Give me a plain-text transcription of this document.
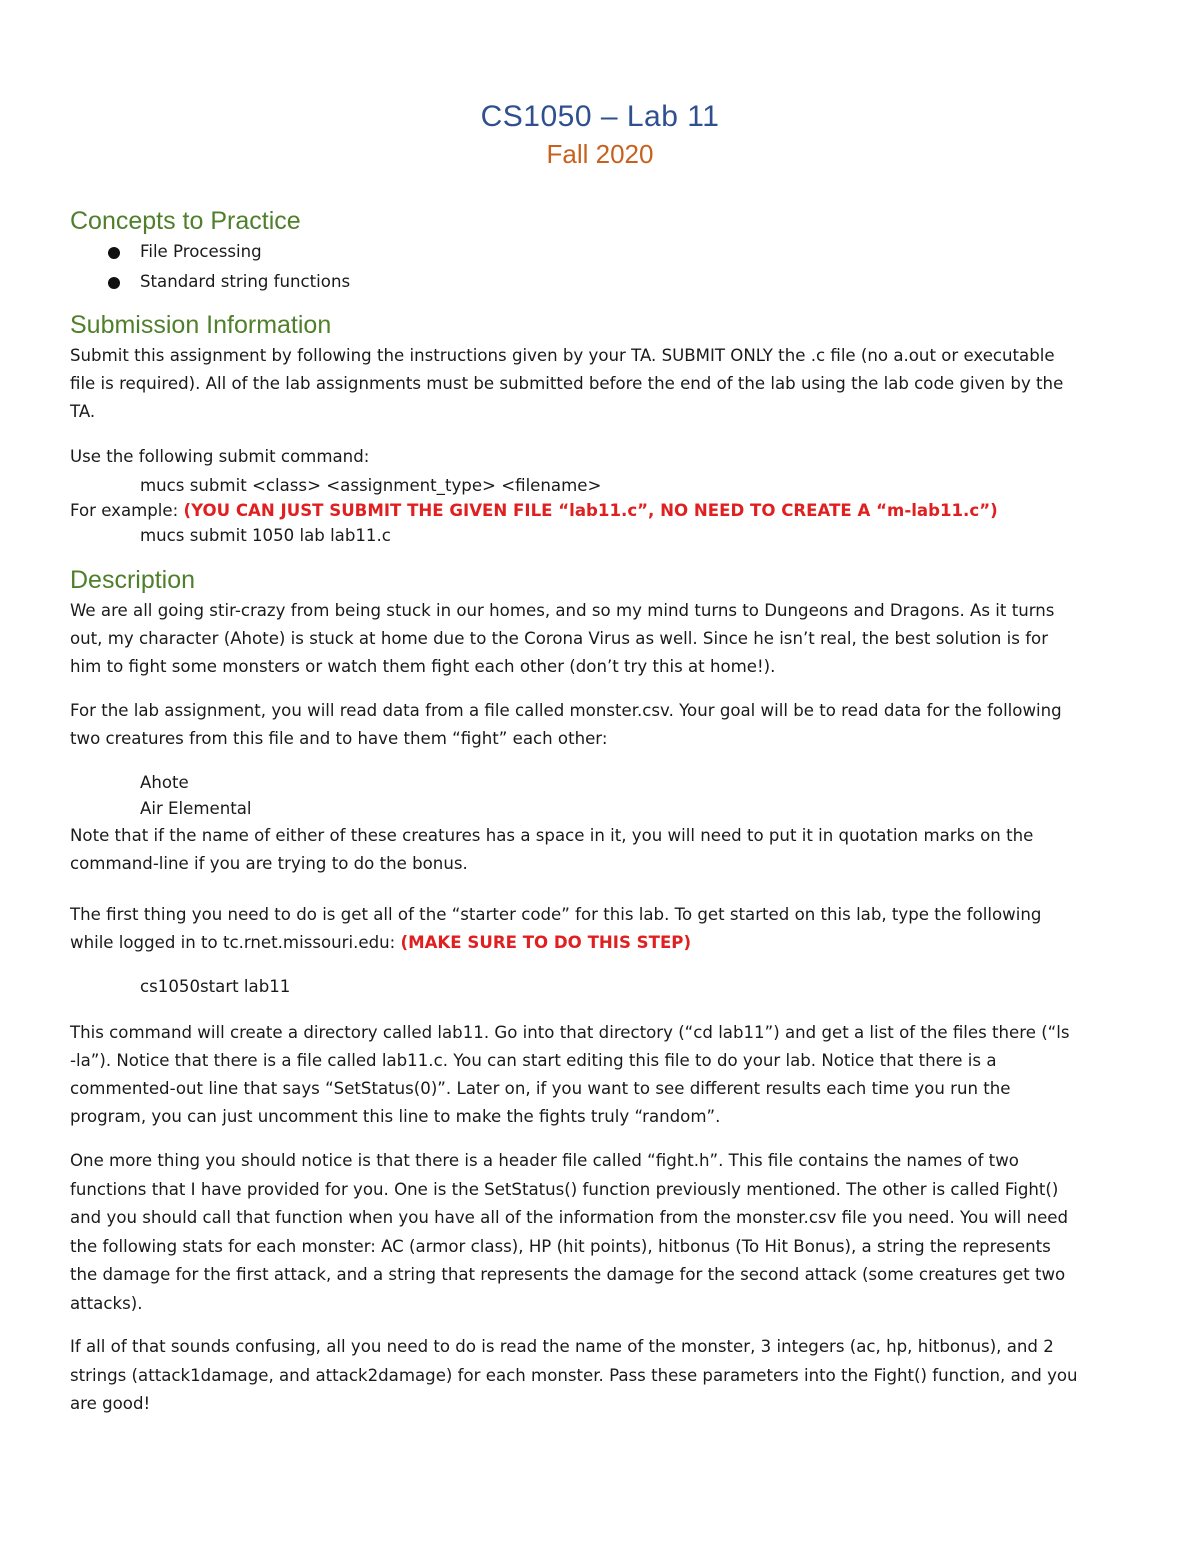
CS1050 – Lab 11
Fall 2020
Concepts to Practice

File Processing

Standard string functions

Submission Information

Submit this assignment by following the instructions given by your TA. SUBMIT ONLY the .c file (no a.out or executable

file is required). All of the lab assignments must be submitted before the end of the lab using the lab code given by the

TA.

Use the following submit command:

mucs submit <class> <assignment_type> <filename>

For example: (YOU CAN JUST SUBMIT THE GIVEN FILE “lab11.c”, NO NEED TO CREATE A “m-lab11.c”)

mucs submit 1050 lab lab11.c

Description

We are all going stir-crazy from being stuck in our homes, and so my mind turns to Dungeons and Dragons. As it turns

out, my character (Ahote) is stuck at home due to the Corona Virus as well. Since he isn’t real, the best solution is for

him to fight some monsters or watch them fight each other (don’t try this at home!).

For the lab assignment, you will read data from a file called monster.csv. Your goal will be to read data for the following

two creatures from this file and to have them “fight” each other:

Ahote

Air Elemental

Note that if the name of either of these creatures has a space in it, you will need to put it in quotation marks on the

command-line if you are trying to do the bonus.

The first thing you need to do is get all of the “starter code” for this lab. To get started on this lab, type the following

while logged in to tc.rnet.missouri.edu: (MAKE SURE TO DO THIS STEP)

cs1050start lab11

This command will create a directory called lab11. Go into that directory (“cd lab11”) and get a list of the files there (“ls

-la”). Notice that there is a file called lab11.c. You can start editing this file to do your lab. Notice that there is a

commented-out line that says “SetStatus(0)”. Later on, if you want to see different results each time you run the

program, you can just uncomment this line to make the fights truly “random”.

One more thing you should notice is that there is a header file called “fight.h”. This file contains the names of two

functions that I have provided for you. One is the SetStatus() function previously mentioned. The other is called Fight()

and you should call that function when you have all of the information from the monster.csv file you need. You will need

the following stats for each monster: AC (armor class), HP (hit points), hitbonus (To Hit Bonus), a string the represents

the damage for the first attack, and a string that represents the damage for the second attack (some creatures get two

attacks).

If all of that sounds confusing, all you need to do is read the name of the monster, 3 integers (ac, hp, hitbonus), and 2

strings (attack1damage, and attack2damage) for each monster. Pass these parameters into the Fight() function, and you

are good!
